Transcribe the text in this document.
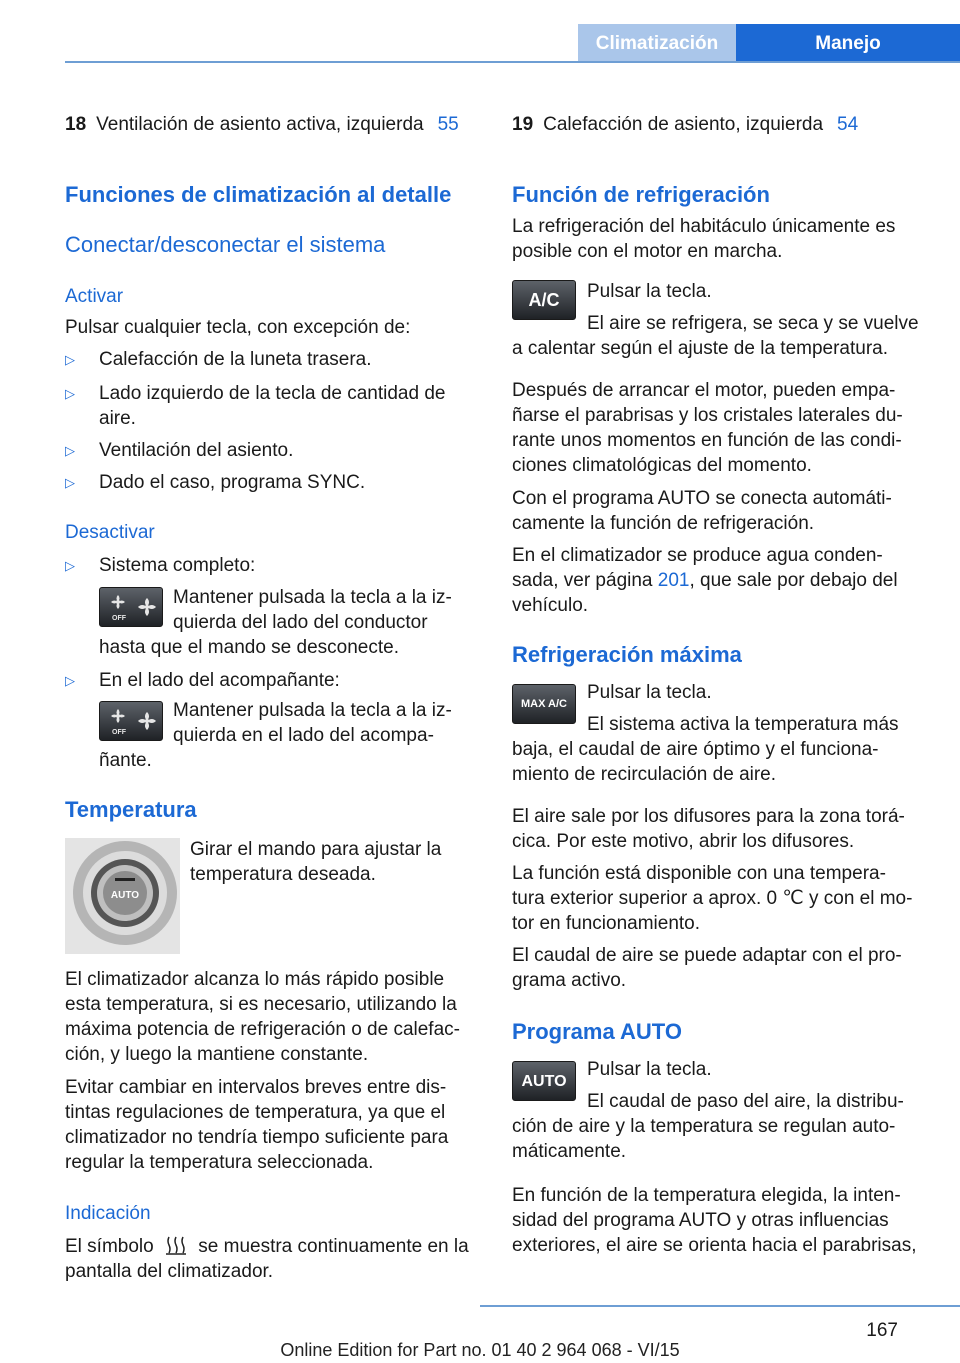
Climatización	Manejo
18 Ventilación de asiento activa, izquierda 55	19 Calefacción de asiento, izquierda 54
Funciones de climatización al detalle
Conectar/desconectar el sistema
Activar
Pulsar cualquier tecla, con excepción de:
▷ Calefacción de la luneta trasera.
▷ Lado izquierdo de la tecla de cantidad de
aire.
▷ Ventilación del asiento.
▷ Dado el caso, programa SYNC.
Desactivar
▷ Sistema completo:
OFF
Mantener pulsada la tecla a la iz‐
quierda del lado del conductor
hasta que el mando se desconecte.
▷ En el lado del acompañante:
OFF
Mantener pulsada la tecla a la iz‐
quierda en el lado del acompa‐
ñante.
Temperatura
AUTO
Girar el mando para ajustar la
temperatura deseada.
El climatizador alcanza lo más rápido posible
esta temperatura, si es necesario, utilizando la
máxima potencia de refrigeración o de calefac‐
ción, y luego la mantiene constante.
Evitar cambiar en intervalos breves entre dis‐
tintas regulaciones de temperatura, ya que el
climatizador no tendría tiempo suficiente para
regular la temperatura seleccionada.
Indicación
El símbolo se muestra continuamente en la
pantalla del climatizador.
Función de refrigeración
La refrigeración del habitáculo únicamente es
posible con el motor en marcha.
A/C	Pulsar la tecla.
El aire se refrigera, se seca y se vuelve
a calentar según el ajuste de la temperatura.
Después de arrancar el motor, pueden empa‐
ñarse el parabrisas y los cristales laterales du‐
rante unos momentos en función de las condi‐
ciones climatológicas del momento.
Con el programa AUTO se conecta automáti‐
camente la función de refrigeración.
En el climatizador se produce agua conden‐
sada, ver página 201, que sale por debajo del
vehículo.
Refrigeración máxima
MAX A/C
Pulsar la tecla.
El sistema activa la temperatura más
baja, el caudal de aire óptimo y el funciona‐
miento de recirculación de aire.
El aire sale por los difusores para la zona torá‐
cica. Por este motivo, abrir los difusores.
La función está disponible con una tempera‐
tura exterior superior a aprox. 0 ℃ y con el mo‐
tor en funcionamiento.
El caudal de aire se puede adaptar con el pro‐
grama activo.
Programa AUTO
AUTO
Pulsar la tecla.
El caudal de paso del aire, la distribu‐
ción de aire y la temperatura se regulan auto‐
máticamente.
En función de la temperatura elegida, la inten‐
sidad del programa AUTO y otras influencias
exteriores, el aire se orienta hacia el parabrisas,
167
Online Edition for Part no. 01 40 2 964 068 - VI/15
